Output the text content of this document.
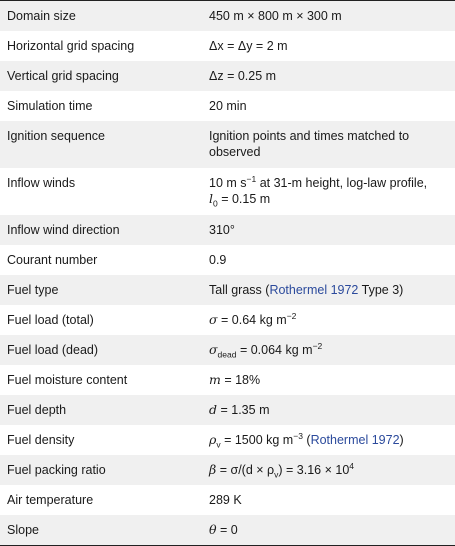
Domain size	450 m × 800 m × 300 m
Horizontal grid spacing	Δx = Δy = 2 m
Vertical grid spacing	Δz = 0.25 m
Simulation time	20 min
Ignition sequence	Ignition points and times matched to observed
Inflow winds	10 m $s^{-1}$ at 31-m height, log-law profile,
$l_0 = 0.15$ m
Inflow wind direction	310°
Courant number	0.9
Fuel type	Tall grass (Rothermel 1972 Type 3)
Fuel load (total)	σ = 0.64 kg $m^{-2}$
Fuel load (dead)	$\sigma_{dead} = 0.064$ kg $m^{-2}$
Fuel moisture content	m = 18%
Fuel depth	d = 1.35 m
Fuel density	$\rho_v = 1500$ kg $m^{-3}$ (Rothermel 1972)
Fuel packing ratio	$\beta = \sigma/(d \times \rho_v) = 3.16 \times 10^4$
Air temperature	289 K
Slope	θ = 0
